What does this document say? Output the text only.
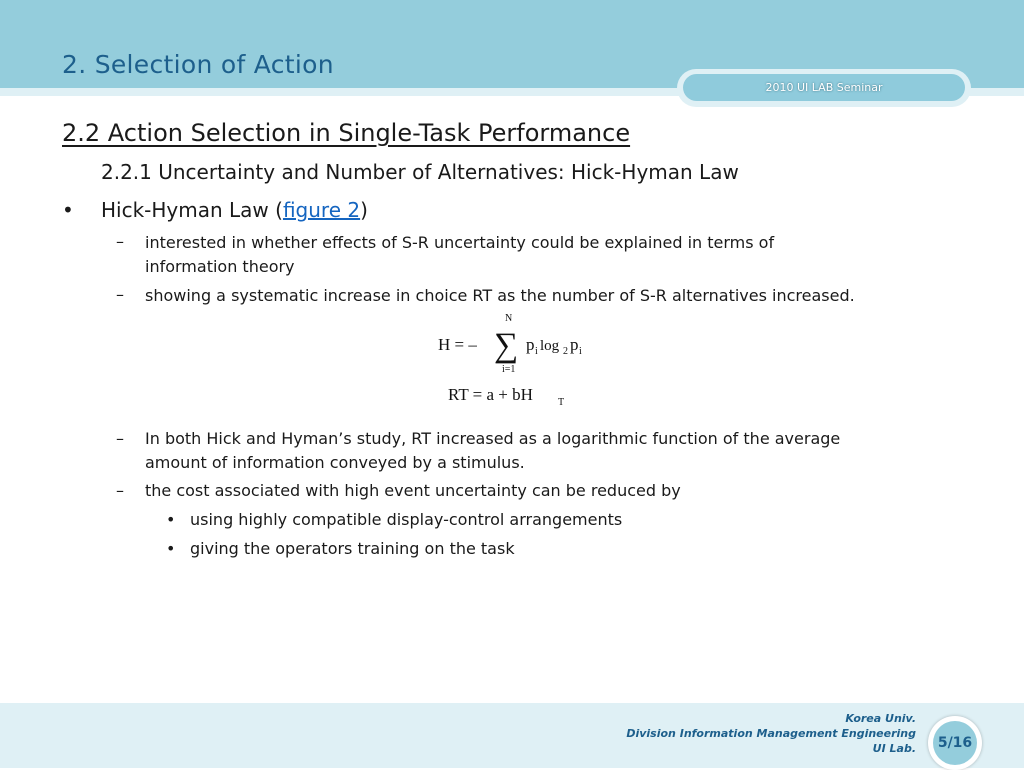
2. Selection of Action
2010 UI LAB Seminar
2.2 Action Selection in Single-Task Performance
2.2.1 Uncertainty and Number of Alternatives: Hick-Hyman Law
• Hick-Hyman Law (figure 2)
– interested in whether effects of S-R uncertainty could be explained in terms of
information theory
– showing a systematic increase in choice RT as the number of S-R alternatives increased.
H = –
N
∑
i=1
p i log 2 p i
RT = a + bH	T
– In both Hick and Hyman’s study, RT increased as a logarithmic function of the average
amount of information conveyed by a stimulus.
– the cost associated with high event uncertainty can be reduced by
• using highly compatible display-control arrangements
• giving the operators training on the task
Korea Univ.
Division Information Management Engineering
UI Lab.	5/16
